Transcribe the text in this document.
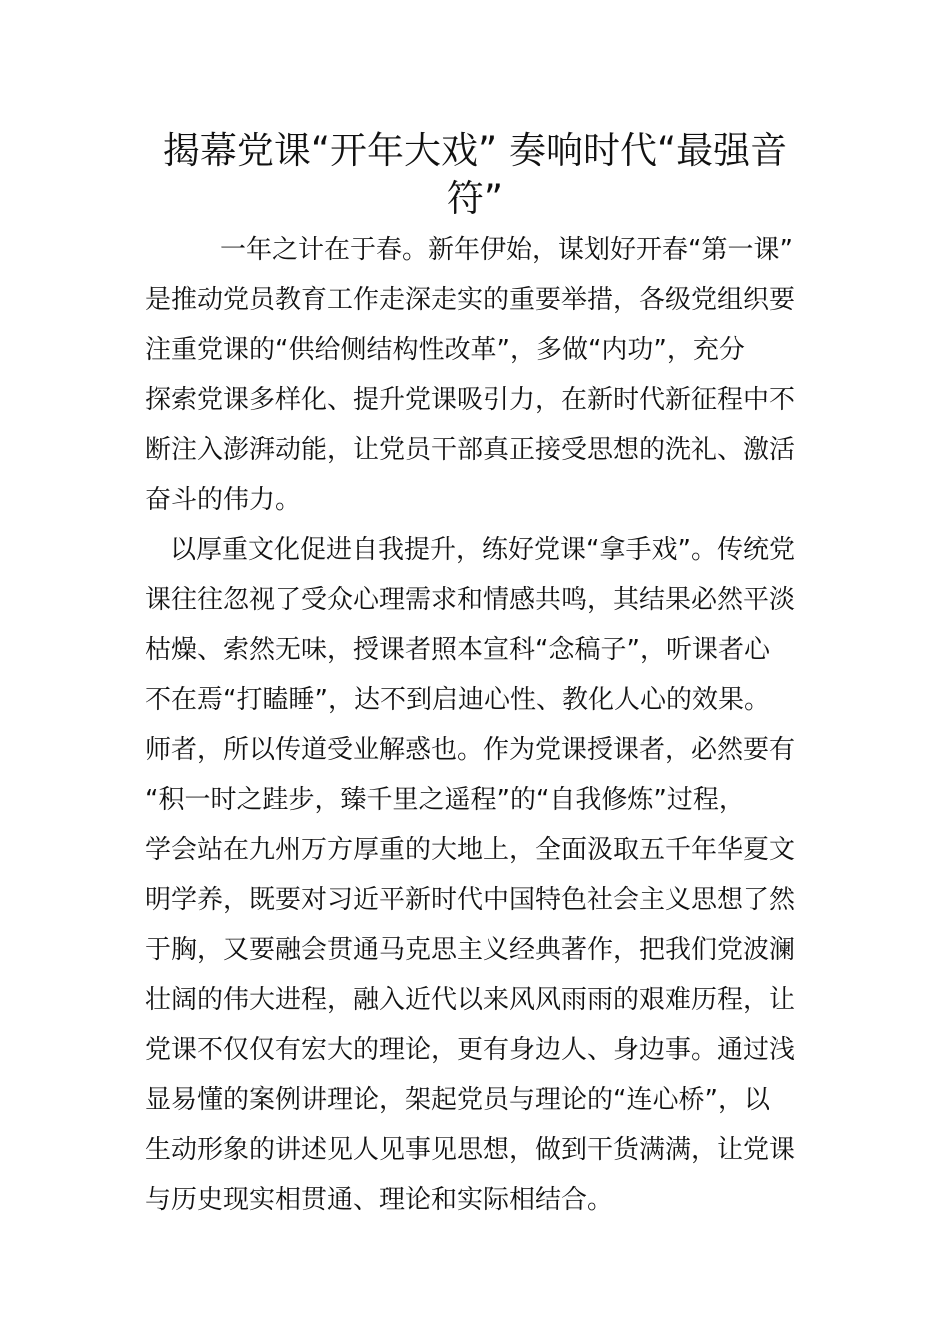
揭幕党课“开年大戏” 奏响时代“最强音
符”

一年之计在于春。新年伊始，谋划好开春“第一课”

是推动党员教育工作走深走实的重要举措，各级党组织要

注重党课的“供给侧结构性改革”，多做“内功”，充分

探索党课多样化、提升党课吸引力，在新时代新征程中不

断注入澎湃动能，让党员干部真正接受思想的洗礼、激活

奋斗的伟力。

以厚重文化促进自我提升，练好党课“拿手戏”。传统党

课往往忽视了受众心理需求和情感共鸣，其结果必然平淡

枯燥、索然无味，授课者照本宣科“念稿子”，听课者心

不在焉“打瞌睡”，达不到启迪心性、教化人心的效果。

师者，所以传道受业解惑也。作为党课授课者，必然要有

“积一时之跬步，臻千里之遥程”的“自我修炼”过程，

学会站在九州万方厚重的大地上，全面汲取五千年华夏文

明学养，既要对习近平新时代中国特色社会主义思想了然

于胸，又要融会贯通马克思主义经典著作，把我们党波澜

壮阔的伟大进程，融入近代以来风风雨雨的艰难历程，让

党课不仅仅有宏大的理论，更有身边人、身边事。通过浅

显易懂的案例讲理论，架起党员与理论的“连心桥”，以

生动形象的讲述见人见事见思想，做到干货满满，让党课

与历史现实相贯通、理论和实际相结合。
